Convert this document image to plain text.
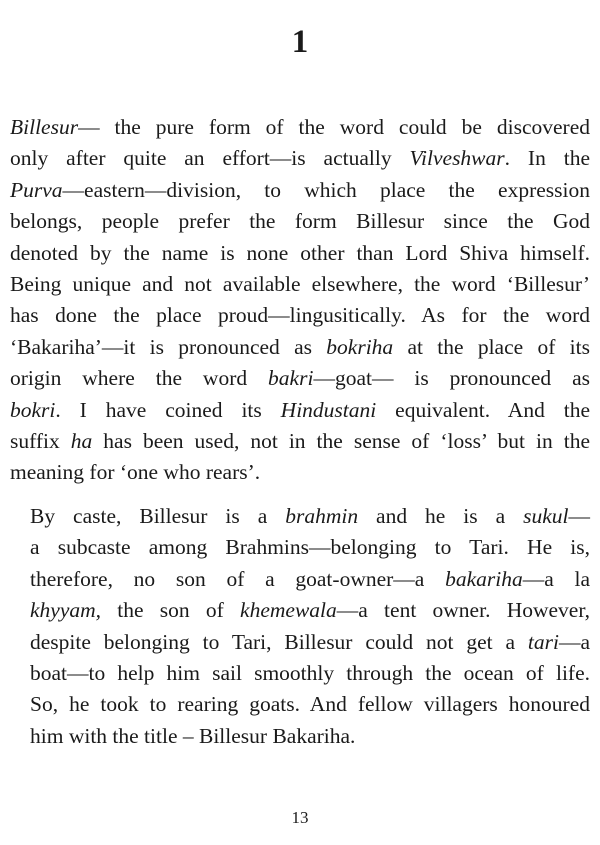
1
Billesur— the pure form of the word could be discovered
only after quite an effort—is actually Vilveshwar. In the
Purva—eastern—division, to which place the expression
belongs, people prefer the form Billesur since the God
denoted by the name is none other than Lord Shiva himself.
Being unique and not available elsewhere, the word ‘Billesur’
has done the place proud—lingusitically. As for the word
‘Bakariha’—it is pronounced as bokriha at the place of its
origin where the word bakri—goat— is pronounced as
bokri. I have coined its Hindustani equivalent. And the
suffix ha has been used, not in the sense of ‘loss’ but in the
meaning for ‘one who rears’.
By caste, Billesur is a brahmin and he is a sukul—
a subcaste among Brahmins—belonging to Tari. He is,
therefore, no son of a goat-owner—a bakariha—a la
khyyam, the son of khemewala—a tent owner. However,
despite belonging to Tari, Billesur could not get a tari—a
boat—to help him sail smoothly through the ocean of life.
So, he took to rearing goats. And fellow villagers honoured
him with the title – Billesur Bakariha.
13
